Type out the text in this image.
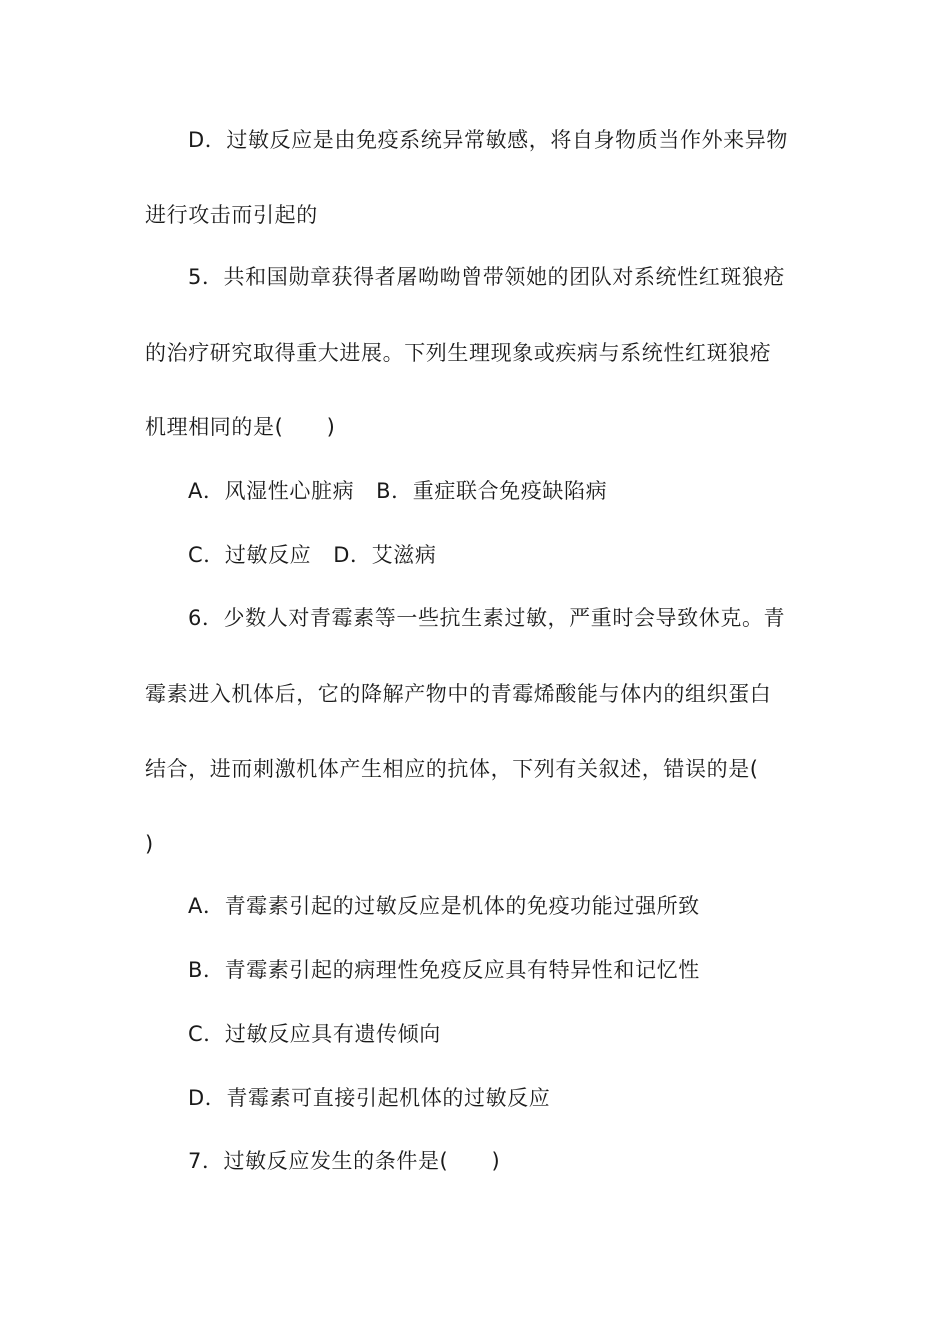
D．过敏反应是由免疫系统异常敏感，将自身物质当作外来异物
进行攻击而引起的
5．共和国勋章获得者屠呦呦曾带领她的团队对系统性红斑狼疮
的治疗研究取得重大进展。下列生理现象或疾病与系统性红斑狼疮
机理相同的是(　　)
A．风湿性心脏病 B．重症联合免疫缺陷病
C．过敏反应 D．艾滋病
6．少数人对青霉素等一些抗生素过敏，严重时会导致休克。青
霉素进入机体后，它的降解产物中的青霉烯酸能与体内的组织蛋白
结合，进而刺激机体产生相应的抗体，下列有关叙述，错误的是(
)
A．青霉素引起的过敏反应是机体的免疫功能过强所致
B．青霉素引起的病理性免疫反应具有特异性和记忆性
C．过敏反应具有遗传倾向
D．青霉素可直接引起机体的过敏反应
7．过敏反应发生的条件是(　　)
